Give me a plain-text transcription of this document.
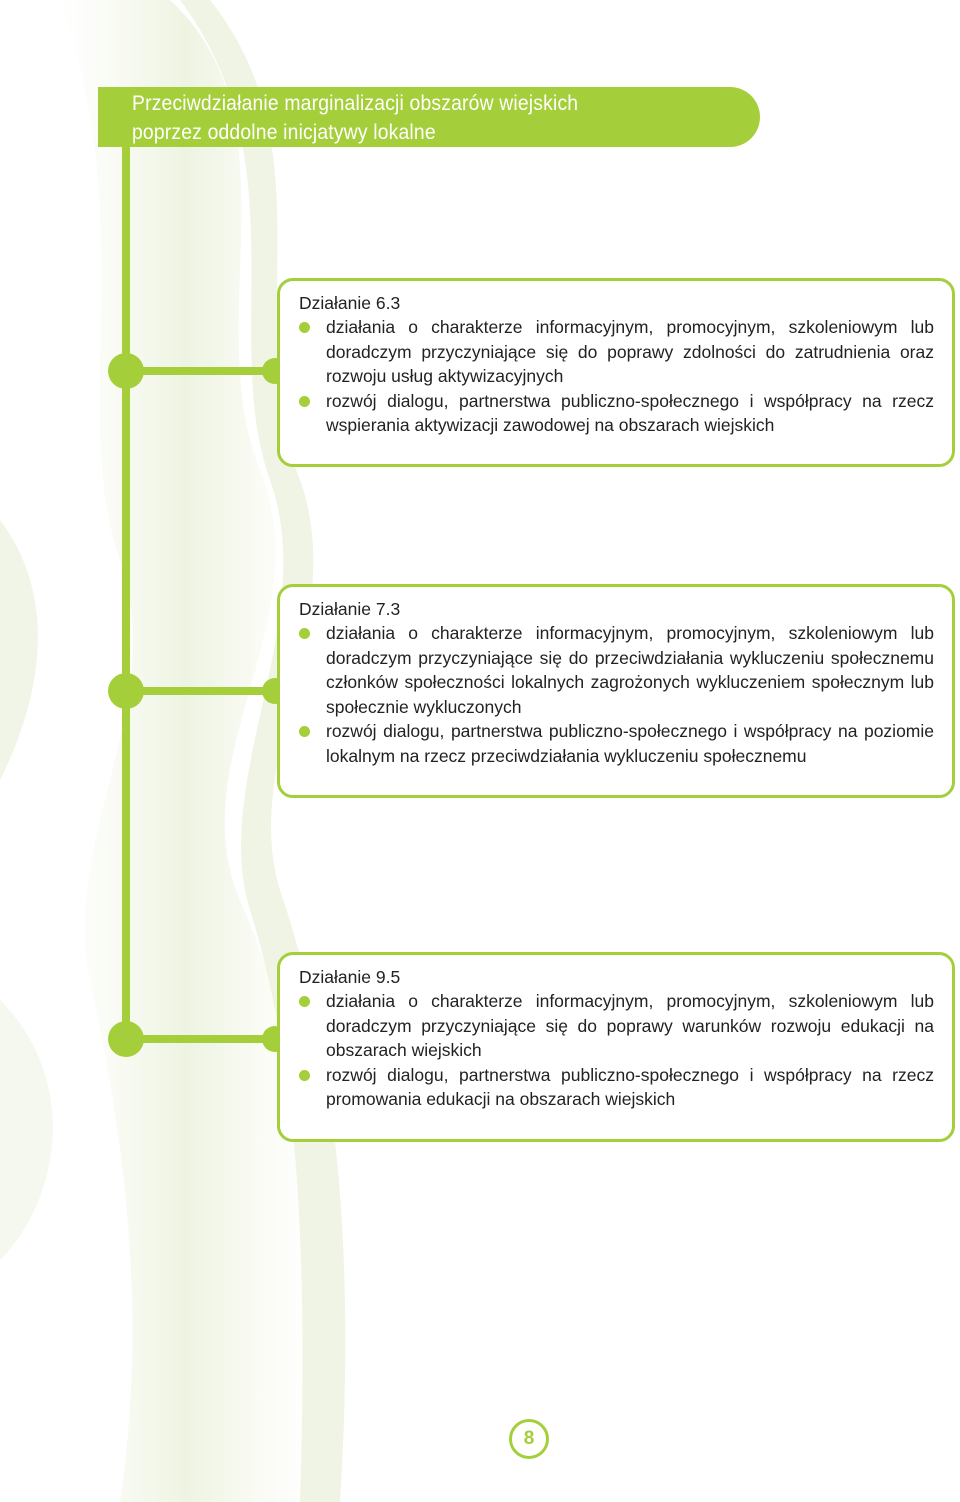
Przeciwdziałanie marginalizacji obszarów wiejskich
poprzez oddolne inicjatywy lokalne
Działanie 6.3
działania o charakterze informacyjnym, promocyjnym, szkoleniowym lub doradczym przyczyniające się do poprawy zdolności do zatrudnienia oraz rozwoju usług aktywizacyjnych
rozwój dialogu, partnerstwa publiczno-społecznego i współpracy na rzecz wspierania aktywizacji zawodowej na obszarach wiejskich
Działanie 7.3
działania o charakterze informacyjnym, promocyjnym, szkoleniowym lub doradczym przyczyniające się do przeciwdziałania wykluczeniu społecznemu członków społeczności lokalnych zagrożonych wykluczeniem społecznym lub społecznie wykluczonych
rozwój dialogu, partnerstwa publiczno-społecznego i współpracy na poziomie lokalnym na rzecz przeciwdziałania wykluczeniu społecznemu
Działanie 9.5
działania o charakterze informacyjnym, promocyjnym, szkoleniowym lub doradczym przyczyniające się do poprawy warunków rozwoju edukacji na obszarach wiejskich
rozwój dialogu, partnerstwa publiczno-społecznego i współpracy na rzecz promowania edukacji na obszarach wiejskich
8
